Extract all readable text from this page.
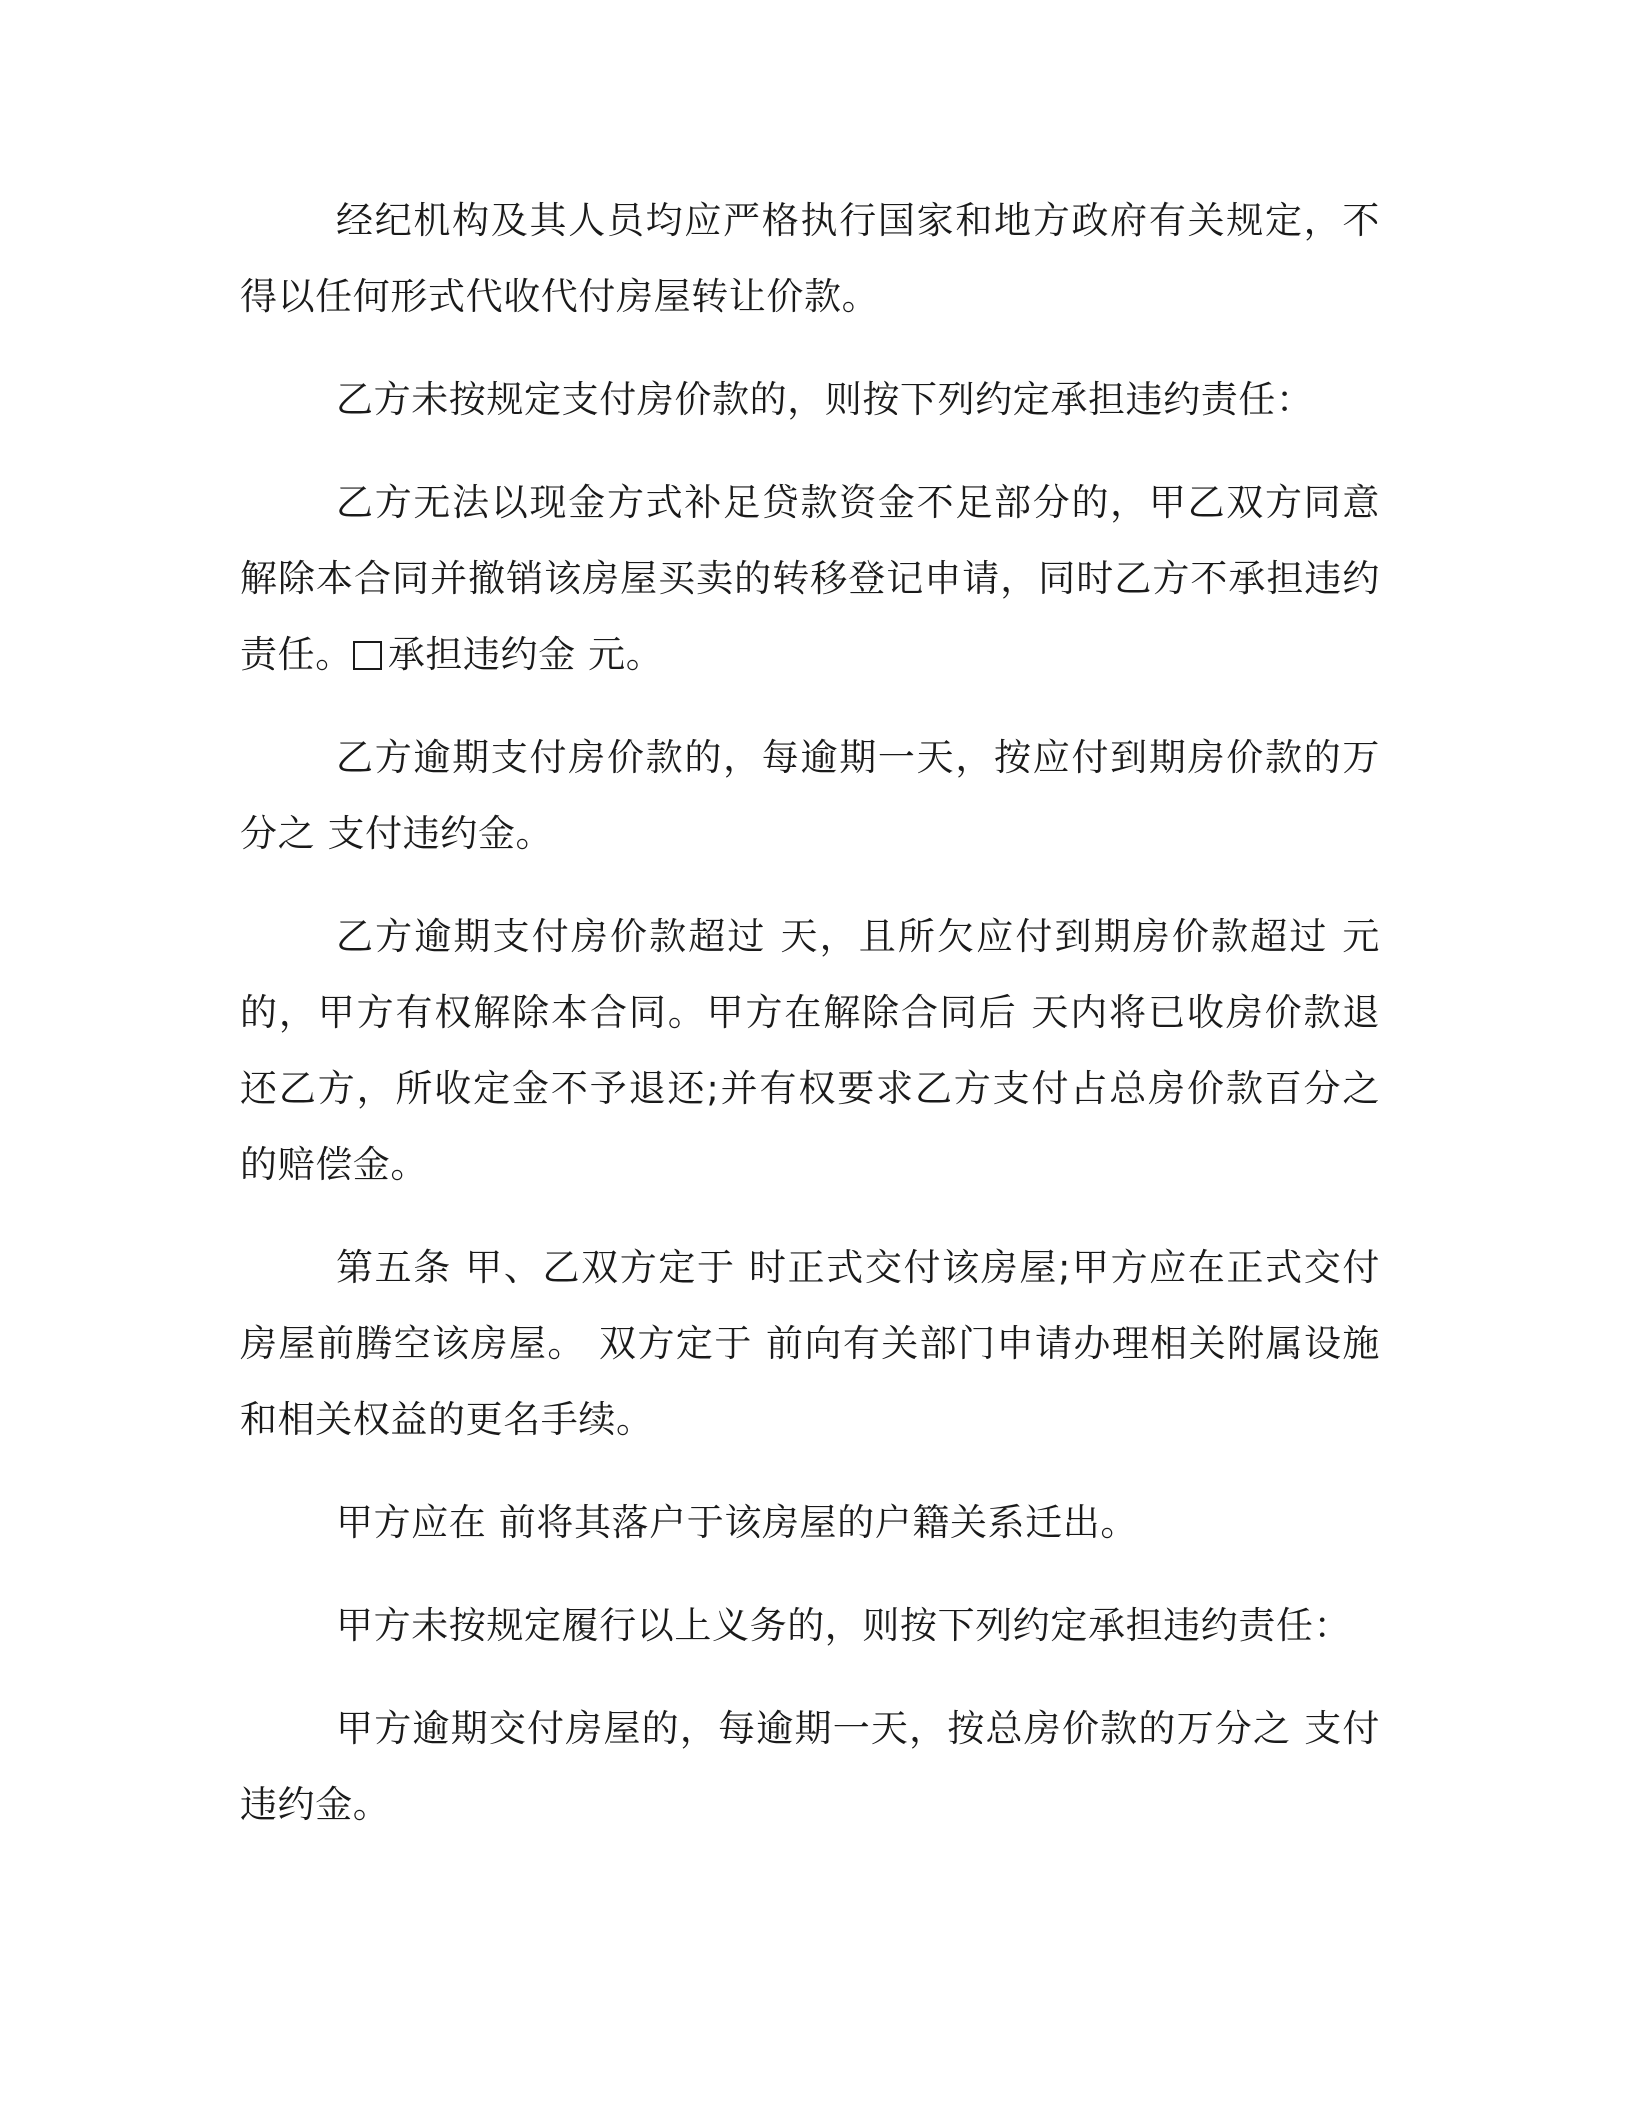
经纪机构及其人员均应严格执行国家和地方政府有关规定，不得以任何形式代收代付房屋转让价款。

乙方未按规定支付房价款的，则按下列约定承担违约责任：

乙方无法以现金方式补足贷款资金不足部分的，甲乙双方同意解除本合同并撤销该房屋买卖的转移登记申请，同时乙方不承担违约责任。 承担违约金 元。

乙方逾期支付房价款的，每逾期一天，按应付到期房价款的万分之 支付违约金。

乙方逾期支付房价款超过 天，且所欠应付到期房价款超过 元的，甲方有权解除本合同。甲方在解除合同后 天内将已收房价款退还乙方，所收定金不予退还;并有权要求乙方支付占总房价款百分之 的赔偿金。

第五条 甲、乙双方定于 时正式交付该房屋;甲方应在正式交付房屋前腾空该房屋。 双方定于 前向有关部门申请办理相关附属设施和相关权益的更名手续。

甲方应在 前将其落户于该房屋的户籍关系迁出。

甲方未按规定履行以上义务的，则按下列约定承担违约责任：

甲方逾期交付房屋的，每逾期一天，按总房价款的万分之 支付违约金。
